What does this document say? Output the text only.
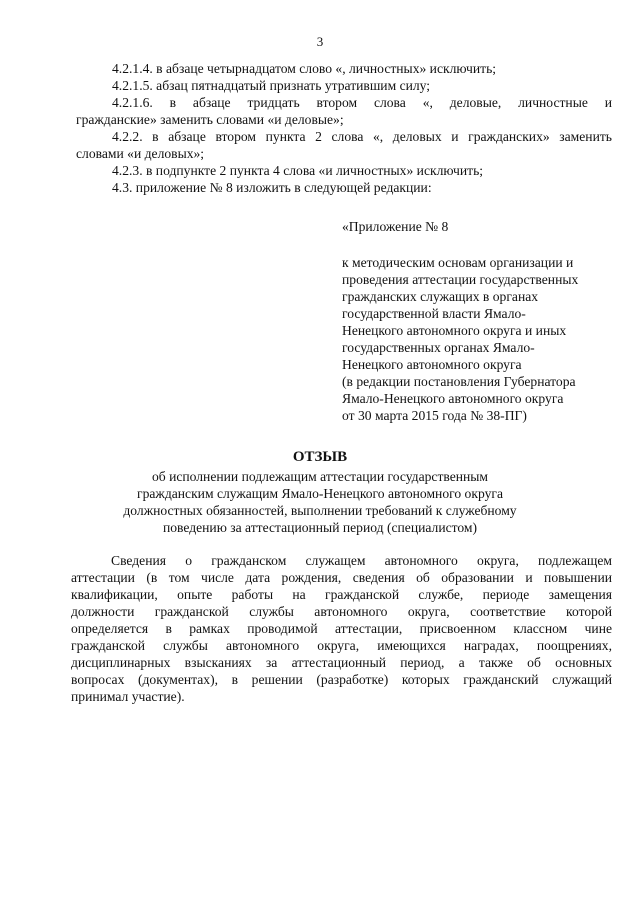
3
4.2.1.4. в абзаце четырнадцатом слово «, личностных» исключить;
4.2.1.5. абзац пятнадцатый признать утратившим силу;
4.2.1.6. в абзаце тридцать втором слова «, деловые, личностные и
гражданские» заменить словами «и деловые»;
4.2.2. в абзаце втором пункта 2 слова «, деловых и гражданских» заменить
словами «и деловых»;
4.2.3. в подпункте 2 пункта 4 слова «и личностных» исключить;
4.3. приложение № 8 изложить в следующей редакции:
«Приложение № 8
к методическим основам организации и
проведения аттестации государственных
гражданских служащих в органах
государственной власти Ямало-
Ненецкого автономного округа и иных
государственных органах Ямало-
Ненецкого автономного округа
(в редакции постановления Губернатора
Ямало-Ненецкого автономного округа
от 30 марта 2015 года № 38-ПГ)
ОТЗЫВ
об исполнении подлежащим аттестации государственным
гражданским служащим Ямало-Ненецкого автономного округа
должностных обязанностей, выполнении требований к служебному
поведению за аттестационный период (специалистом)
Сведения о гражданском служащем автономного округа, подлежащем
аттестации (в том числе дата рождения, сведения об образовании и повышении
квалификации, опыте работы на гражданской службе, периоде замещения
должности гражданской службы автономного округа, соответствие которой
определяется в рамках проводимой аттестации, присвоенном классном чине
гражданской службы автономного округа, имеющихся наградах, поощрениях,
дисциплинарных взысканиях за аттестационный период, а также об основных
вопросах (документах), в решении (разработке) которых гражданский служащий
принимал участие).
